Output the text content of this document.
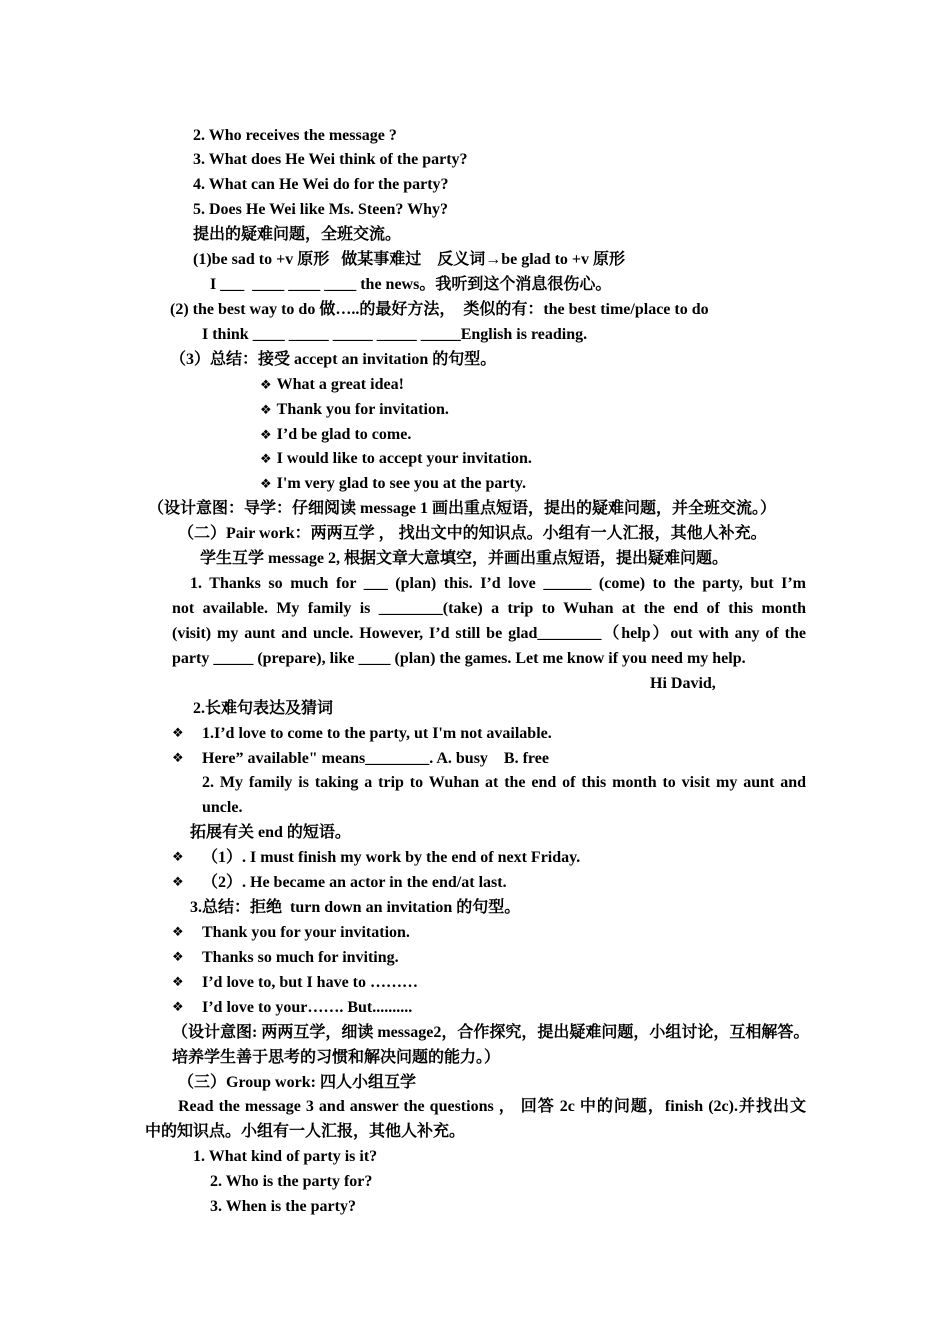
2. Who receives the message ?
3. What does He Wei think of the party?
4. What can He Wei do for the party?
5. Does He Wei like Ms. Steen? Why?
提出的疑难问题，全班交流。
(1)be sad to +v 原形   做某事难过    反义词→be glad to +v 原形
I ___  ____ ____ ____ the news。我听到这个消息很伤心。
(2) the best way to do 做…..的最好方法，  类似的有：the best time/place to do
I think ____ _____ _____ _____ _____English is reading.
（3）总结：接受 accept an invitation 的句型。
❖ What a great idea!
❖ Thank you for invitation.
❖ I’d be glad to come.
❖ I would like to accept your invitation.
❖ I'm very glad to see you at the party.
（设计意图：导学：仔细阅读 message 1 画出重点短语，提出的疑难问题，并全班交流。）
（二）Pair work：两两互学 ， 找出文中的知识点。小组有一人汇报，其他人补充。
学生互学 message 2, 根据文章大意填空，并画出重点短语，提出疑难问题。
1. Thanks so much for ___ (plan) this. I’d love ______ (come) to the party, but I’m
not available. My family is ________(take) a trip to Wuhan at the end of this month
(visit) my aunt and uncle. However, I’d still be glad________（help）out with any of the
party _____ (prepare), like ____ (plan) the games. Let me know if you need my help.
Hi David,
2.长难句表达及猜词
❖
1.I’d love to come to the party, ut I'm not available.
❖
Here” available" means________. A. busy    B. free
2. My family is taking a trip to Wuhan at the end of this month to visit my aunt and
uncle.
拓展有关 end 的短语。
❖
（1）. I must finish my work by the end of next Friday.
❖
（2）. He became an actor in the end/at last.
3.总结：拒绝  turn down an invitation 的句型。
❖
Thank you for your invitation.
❖
Thanks so much for inviting.
❖
I’d love to, but I have to ………
❖
I’d love to your……. But..........
（设计意图: 两两互学，细读 message2，合作探究，提出疑难问题，小组讨论，互相解答。
培养学生善于思考的习惯和解决问题的能力。）
（三）Group work: 四人小组互学
Read the message 3 and answer the questions ， 回答 2c 中的问题，finish (2c).并找出文
中的知识点。小组有一人汇报，其他人补充。
1. What kind of party is it?
2. Who is the party for?
3. When is the party?
